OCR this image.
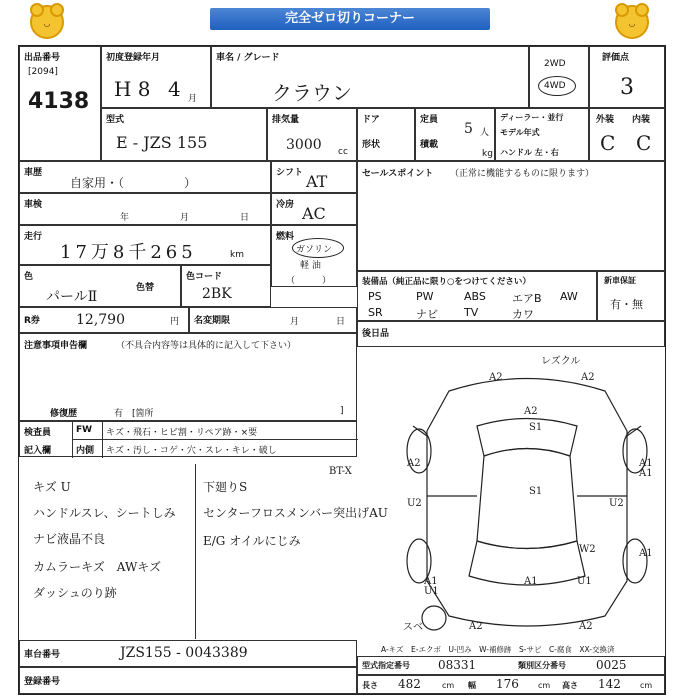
◡	完全ゼロ切りコーナー	◡
出品番号
[2094]
4138
初度登録年月
H 8 4 月
車名 / グレード
クラウン
2WD
4WD
評価点
3
型式
E - JZS 155
排気量
3000 cc
ドア
形状
定員
5 人
積載
kg
ディーラー・並行
モデル年式
ハンドル 左・右
外装 内装
C C
車歴
自家用・（　　　　　）
シフト AT
車検
年	月	日
冷房 AC
走行
17万8千265	km
燃料
ガソリン
軽 油
（　　　）
色
パールⅡ
色替
色コード
2BK
R券	12,790	円 名変期限	月	日
注意事項申告欄	（不具合内容等は具体的に記入して下さい）
修復歴	有　[箇所	]
セールスポイント （正常に機能するものに限ります）
装備品（純正品に限り○をつけてください）
PS	PW	ABS エアB AW
SR	ナビ TV	カワ
新車保証
有・無
後日品
検査員
記入欄
FW キズ・飛石・ヒビ割・リペア跡・×要
内側 キズ・汚し・コゲ・穴・スレ・キレ・破し
レズクル
BT-X
A-キズ　E-エクボ　U-凹み　W-補修跡　S-サビ　C-腐食　XX-交換済
車台番号	JZS155 - 0043389
登録番号
型式指定番号 08331	類別区分番号	0025
長さ 482	cm 幅 176 cm 高さ 142 cm
キズ U
ハンドルスレ、シートしみ
ナビ液晶不良
カムラーキズ　AWキズ
ダッシュのり跡
下廻りS
センターフロスメンバー突出げAU
E/G オイルにじみ
A2	A2
A2
S1
S1
A1
A1
A2
U2	U2
W2	A1
A1
U1
A1	U1
A2	A2
スベ
